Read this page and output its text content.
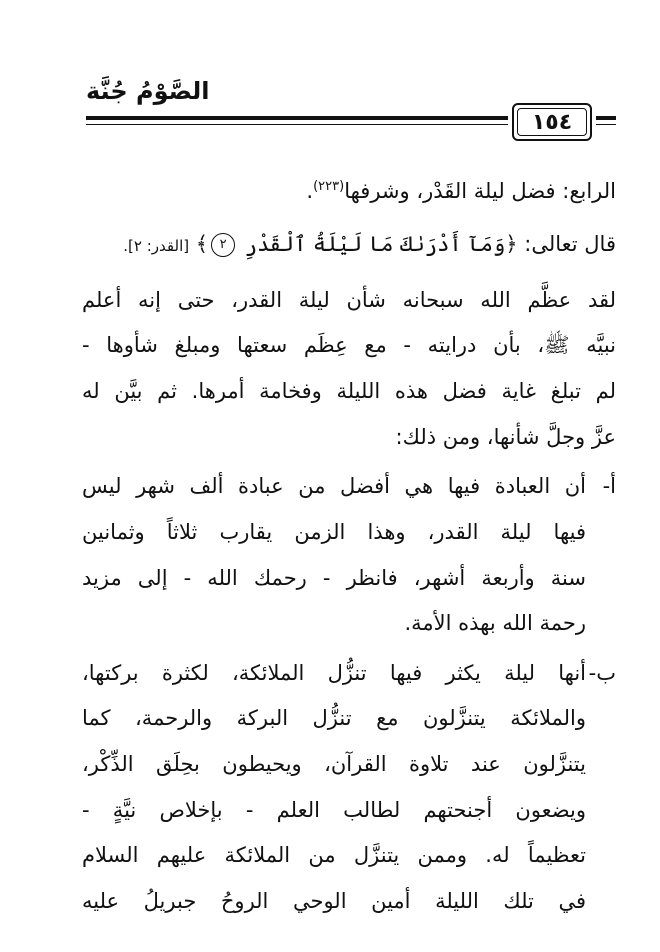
الصَّوْمُ جُنَّة
١٥٤
الرابع: فضل ليلة القَدْر، وشرفها$^{(٢٢٣)}$.
قال تعالى: ﴿وَمَآ أَدْرَىٰكَ مَا لَيْلَةُ ٱلْقَدْرِ ٢﴾ [القدر: ٢].
لقد عظَّم الله سبحانه شأن ليلة القدر، حتى إنه أعلم
نبيَّه ﷺ، بأن درايته - مع عِظَم سعتها ومبلغ شأوها -
لم تبلغ غاية فضل هذه الليلة وفخامة أمرها. ثم بيَّن له
عزَّ وجلَّ شأنها، ومن ذلك:
أ-
أن العبادة فيها هي أفضل من عبادة ألف شهر ليس
فيها ليلة القدر، وهذا الزمن يقارب ثلاثاً وثمانين
سنة وأربعة أشهر، فانظر - رحمك الله - إلى مزيد
رحمة الله بهذه الأمة.
ب-
أنها ليلة يكثر فيها تنزُّل الملائكة، لكثرة بركتها،
والملائكة يتنزَّلون مع تنزُّل البركة والرحمة، كما
يتنزَّلون عند تلاوة القرآن، ويحيطون بحِلَق الذِّكْر،
ويضعون أجنحتهم لطالب العلم - بإخلاص نيَّةٍ -
تعظيماً له. وممن يتنزَّل من الملائكة عليهم السلام
في تلك الليلة أمين الوحي الروحُ جبريلُ عليه
